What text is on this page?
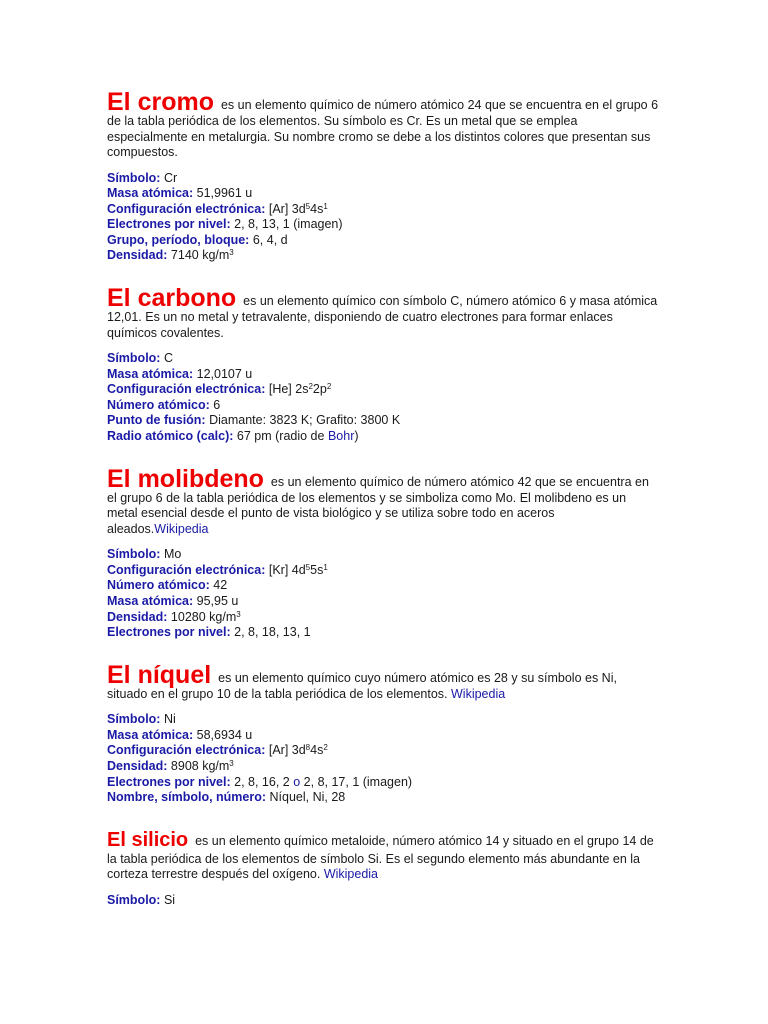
El cromo es un elemento químico de número atómico 24 que se encuentra en el grupo 6 de la tabla periódica de los elementos. Su símbolo es Cr. Es un metal que se emplea especialmente en metalurgia. Su nombre cromo se debe a los distintos colores que presentan sus compuestos.

Símbolo: Cr
Masa atómica: 51,9961 u
Configuración electrónica: [Ar] $3d^54s^1$
Electrones por nivel: 2, 8, 13, 1 (imagen)
Grupo, período, bloque: 6, 4, d
Densidad: 7140 $kg/m^3$

El carbono es un elemento químico con símbolo C, número atómico 6 y masa atómica 12,01. Es un no metal y tetravalente, disponiendo de cuatro electrones para formar enlaces químicos covalentes.

Símbolo: C
Masa atómica: 12,0107 u
Configuración electrónica: [He] $2s^22p^2$
Número atómico: 6
Punto de fusión: Diamante: 3823 K; Grafito: 3800 K
Radio atómico (calc): 67 pm (radio de Bohr)

El molibdeno es un elemento químico de número atómico 42 que se encuentra en el grupo 6 de la tabla periódica de los elementos y se simboliza como Mo. El molibdeno es un metal esencial desde el punto de vista biológico y se utiliza sobre todo en aceros aleados.Wikipedia

Símbolo: Mo
Configuración electrónica: [Kr] $4d^55s^1$
Número atómico: 42
Masa atómica: 95,95 u
Densidad: 10280 $kg/m^3$
Electrones por nivel: 2, 8, 18, 13, 1

El níquel es un elemento químico cuyo número atómico es 28 y su símbolo es Ni, situado en el grupo 10 de la tabla periódica de los elementos. Wikipedia

Símbolo: Ni
Masa atómica: 58,6934 u
Configuración electrónica: [Ar] $3d^84s^2$
Densidad: 8908 $kg/m^3$
Electrones por nivel: 2, 8, 16, 2 o 2, 8, 17, 1 (imagen)
Nombre, símbolo, número: Níquel, Ni, 28

El silicio es un elemento químico metaloide, número atómico 14 y situado en el grupo 14 de la tabla periódica de los elementos de símbolo Si. Es el segundo elemento más abundante en la corteza terrestre después del oxígeno. Wikipedia

Símbolo: Si
